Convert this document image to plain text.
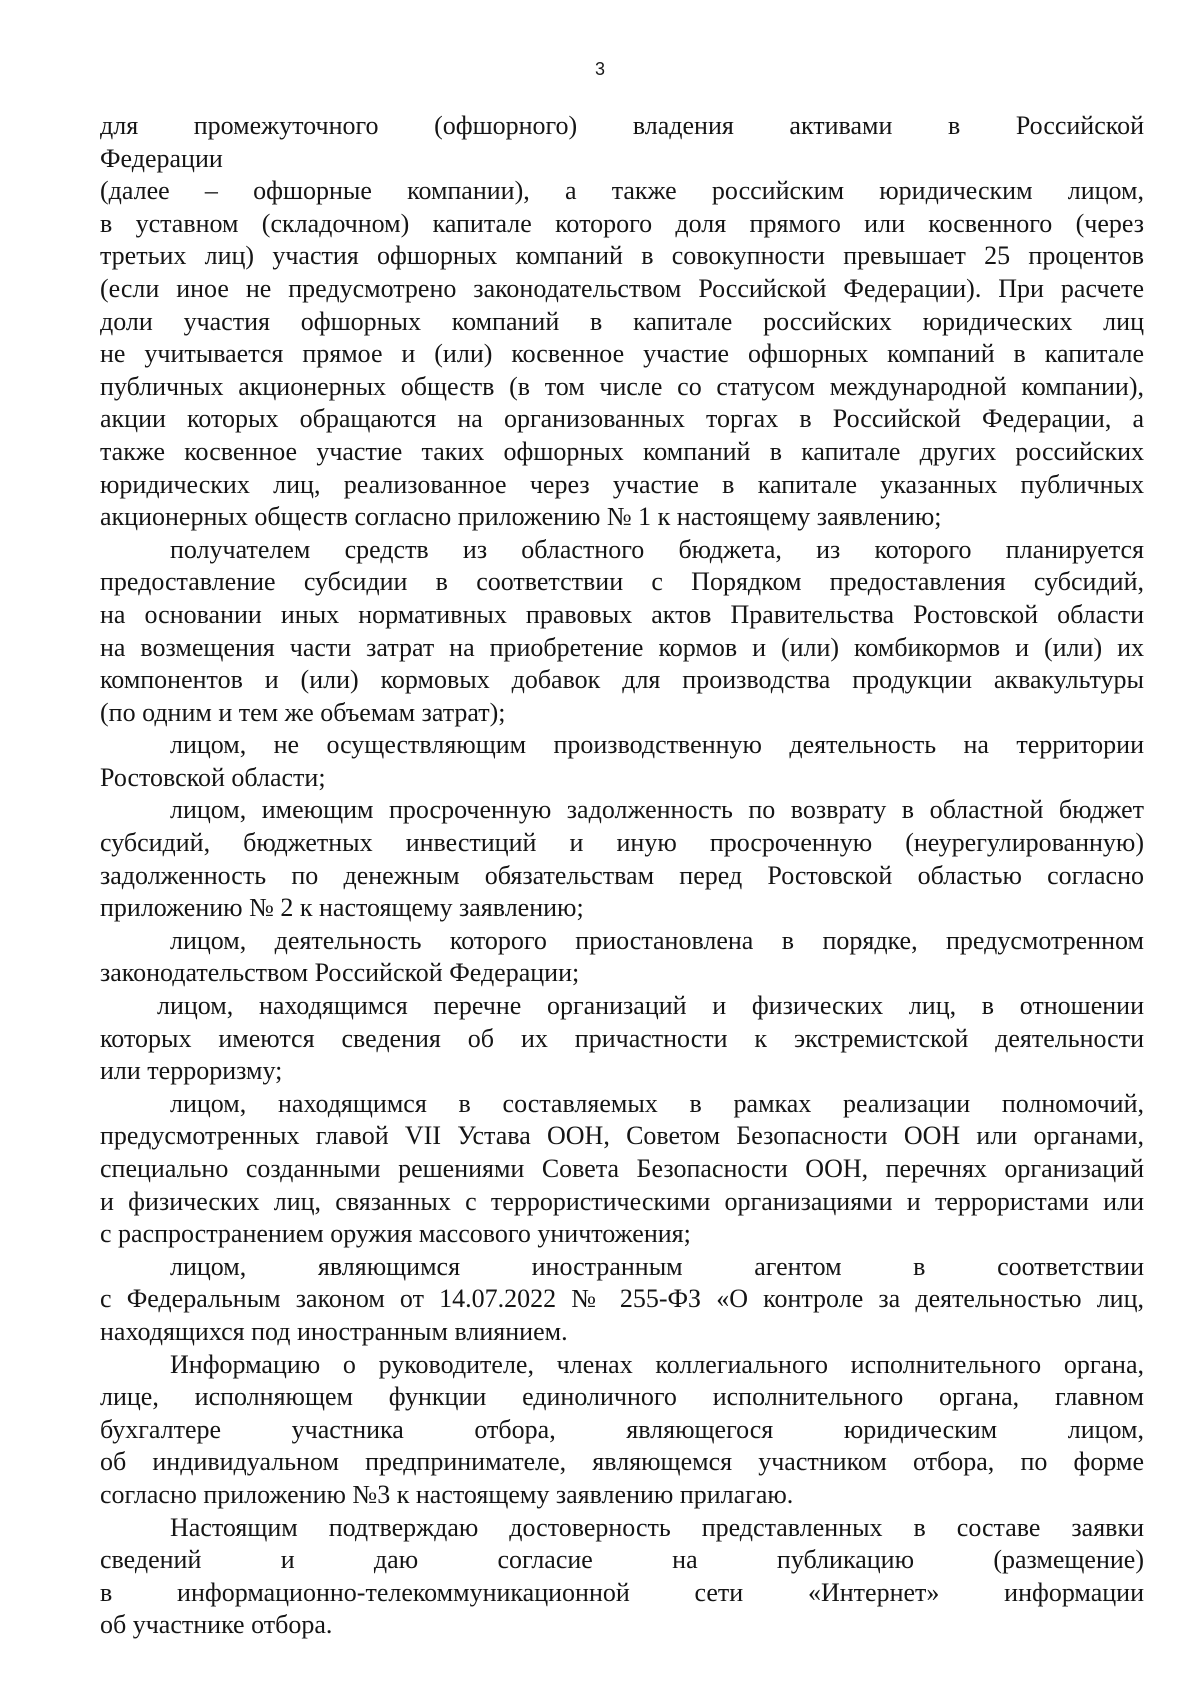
3
для промежуточного (офшорного) владения активами в Российской
Федерации
(далее – офшорные компании), а также российским юридическим лицом,
в уставном (складочном) капитале которого доля прямого или косвенного (через
третьих лиц) участия офшорных компаний в совокупности превышает 25 процентов
(если иное не предусмотрено законодательством Российской Федерации). При расчете
доли участия офшорных компаний в капитале российских юридических лиц
не учитывается прямое и (или) косвенное участие офшорных компаний в капитале
публичных акционерных обществ (в том числе со статусом международной компании),
акции которых обращаются на организованных торгах в Российской Федерации, а
также косвенное участие таких офшорных компаний в капитале других российских
юридических лиц, реализованное через участие в капитале указанных публичных
акционерных обществ согласно приложению № 1 к настоящему заявлению;
получателем средств из областного бюджета, из которого планируется
предоставление субсидии в соответствии с Порядком предоставления субсидий,
на основании иных нормативных правовых актов Правительства Ростовской области
на возмещения части затрат на приобретение кормов и (или) комбикормов и (или) их
компонентов и (или) кормовых добавок для производства продукции аквакультуры
(по одним и тем же объемам затрат);
лицом, не осуществляющим производственную деятельность на территории
Ростовской области;
лицом, имеющим просроченную задолженность по возврату в областной бюджет
субсидий, бюджетных инвестиций и иную просроченную (неурегулированную)
задолженность по денежным обязательствам перед Ростовской областью согласно
приложению № 2 к настоящему заявлению;
лицом, деятельность которого приостановлена в порядке, предусмотренном
законодательством Российской Федерации;
лицом, находящимся перечне организаций и физических лиц, в отношении
которых имеются сведения об их причастности к экстремистской деятельности
или терроризму;
лицом, находящимся в составляемых в рамках реализации полномочий,
предусмотренных главой VII Устава ООН, Советом Безопасности ООН или органами,
специально созданными решениями Совета Безопасности ООН, перечнях организаций
и физических лиц, связанных с террористическими организациями и террористами или
с распространением оружия массового уничтожения;
лицом, являющимся иностранным агентом в соответствии
с Федеральным законом от 14.07.2022 № 255-ФЗ «О контроле за деятельностью лиц,
находящихся под иностранным влиянием.
Информацию о руководителе, членах коллегиального исполнительного органа,
лице, исполняющем функции единоличного исполнительного органа, главном
бухгалтере участника отбора, являющегося юридическим лицом,
об индивидуальном предпринимателе, являющемся участником отбора, по форме
согласно приложению №3 к настоящему заявлению прилагаю.
Настоящим подтверждаю достоверность представленных в составе заявки
сведений и даю согласие на публикацию (размещение)
в информационно-телекоммуникационной сети «Интернет» информации
об участнике отбора.
